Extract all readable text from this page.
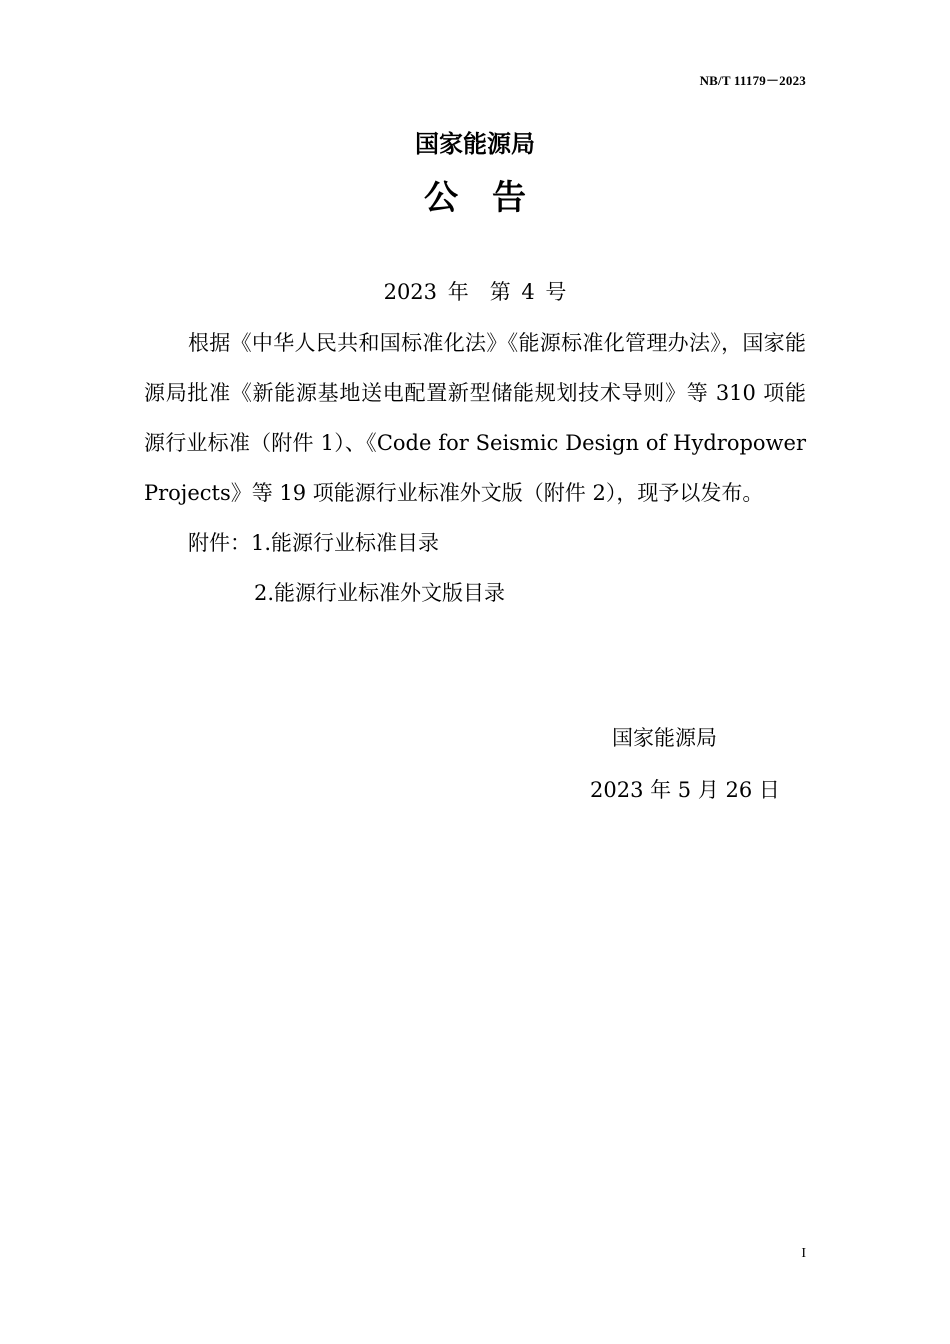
NB/T 11179－2023
国家能源局
公告
2023 年　第 4 号

根据《中华人民共和国标准化法》《能源标准化管理办法》，国家能源局批准《新能源基地送电配置新型储能规划技术导则》等 310 项能源行业标准（附件 1）、《Code for Seismic Design of Hydropower Projects》等 19 项能源行业标准外文版（附件 2），现予以发布。

附件：1.能源行业标准目录

2.能源行业标准外文版目录

国家能源局
2023 年 5 月 26 日
I
